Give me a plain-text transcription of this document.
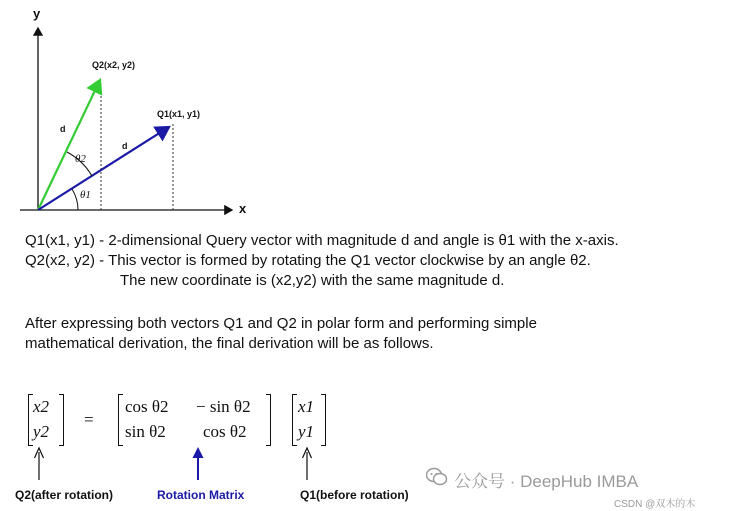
y
x
Q2(x2, y2)
Q1(x1, y1)
d
d
θ2
θ1
Q1(x1, y1) - 2-dimensional Query vector with magnitude d and angle is θ1 with the x-axis.
Q2(x2, y2) - This vector is formed by rotating the Q1 vector clockwise by an angle θ2.
The new coordinate is (x2,y2) with the same magnitude d.
After expressing both vectors Q1 and Q2 in polar form and performing simple
mathematical derivation, the final derivation will be as follows.
x2
y2
=
cos θ2 − sin θ2
sin θ2 cos θ2
x1
y1
Q2(after rotation)	Rotation Matrix	Q1(before rotation)
公众号 · DeepHub IMBA
CSDN @双木的木
